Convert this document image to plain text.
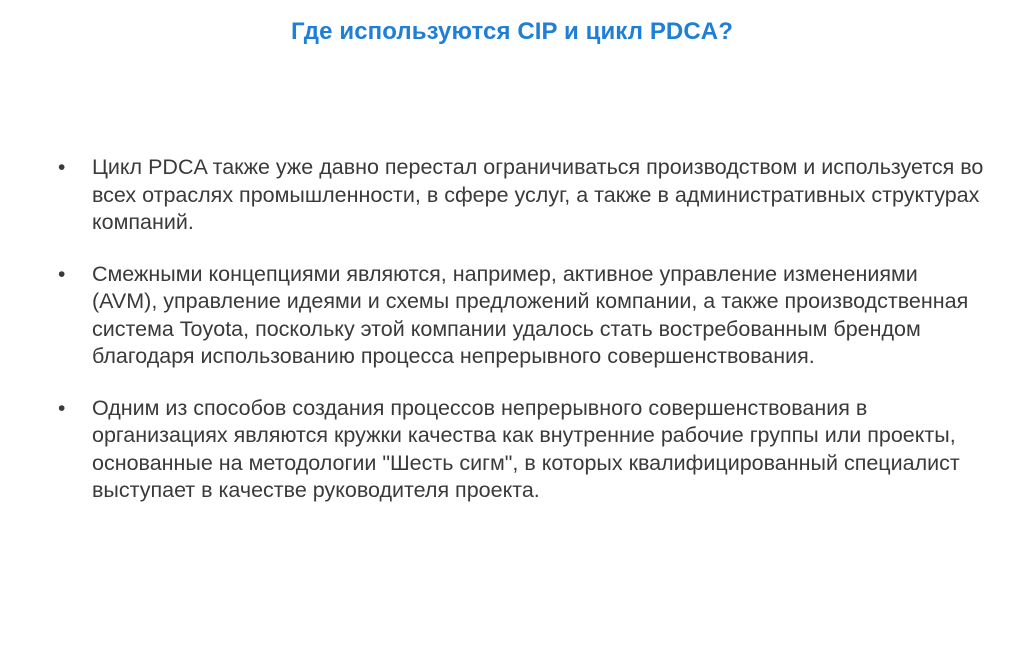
Где используются CIP и цикл PDCA?
•	Цикл PDCA также уже давно перестал ограничиваться производством и используется во всех отраслях промышленности, в сфере услуг, а также в административных структурах компаний.
•	Смежными концепциями являются, например, активное управление изменениями (AVM), управление идеями и схемы предложений компании, а также производственная система Toyota, поскольку этой компании удалось стать востребованным брендом благодаря использованию процесса непрерывного совершенствования.
•	Одним из способов создания процессов непрерывного совершенствования в организациях являются кружки качества как внутренние рабочие группы или проекты, основанные на методологии "Шесть сигм", в которых квалифицированный специалист выступает в качестве руководителя проекта.
